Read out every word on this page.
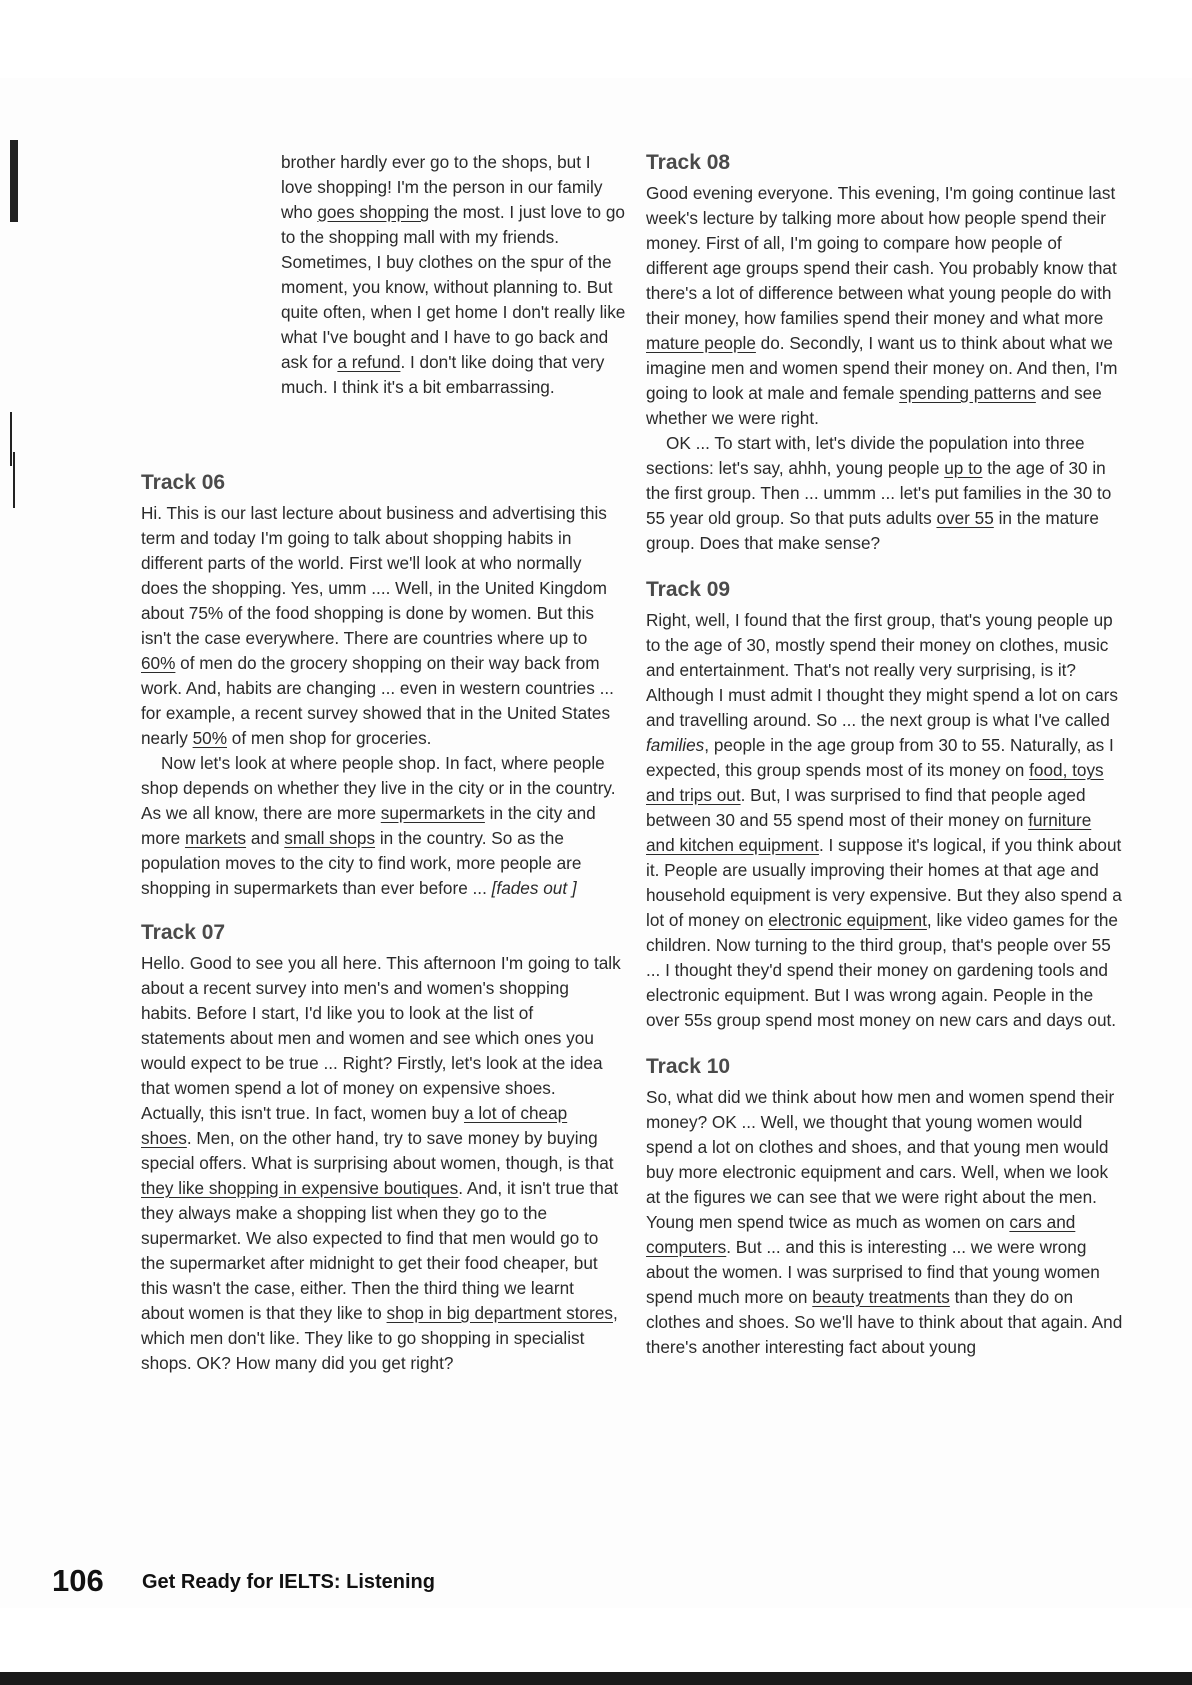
brother hardly ever go to the shops, but I love shopping! I'm the person in our family who goes shopping the most. I just love to go to the shopping mall with my friends. Sometimes, I buy clothes on the spur of the moment, you know, without planning to. But quite often, when I get home I don't really like what I've bought and I have to go back and ask for a refund. I don't like doing that very much. I think it's a bit embarrassing.

Track 06

Hi. This is our last lecture about business and advertising this term and today I'm going to talk about shopping habits in different parts of the world. First we'll look at who normally does the shopping. Yes, umm .... Well, in the United Kingdom about 75% of the food shopping is done by women. But this isn't the case everywhere. There are countries where up to 60% of men do the grocery shopping on their way back from work. And, habits are changing ... even in western countries ... for example, a recent survey showed that in the United States nearly 50% of men shop for groceries.

Now let's look at where people shop. In fact, where people shop depends on whether they live in the city or in the country. As we all know, there are more supermarkets in the city and more markets and small shops in the country. So as the population moves to the city to find work, more people are shopping in supermarkets than ever before ... [fades out ]

Track 07

Hello. Good to see you all here. This afternoon I'm going to talk about a recent survey into men's and women's shopping habits. Before I start, I'd like you to look at the list of statements about men and women and see which ones you would expect to be true ... Right? Firstly, let's look at the idea that women spend a lot of money on expensive shoes. Actually, this isn't true. In fact, women buy a lot of cheap shoes. Men, on the other hand, try to save money by buying special offers. What is surprising about women, though, is that they like shopping in expensive boutiques. And, it isn't true that they always make a shopping list when they go to the supermarket. We also expected to find that men would go to the supermarket after midnight to get their food cheaper, but this wasn't the case, either. Then the third thing we learnt about women is that they like to shop in big department stores, which men don't like. They like to go shopping in specialist shops. OK? How many did you get right?

Track 08

Good evening everyone. This evening, I'm going continue last week's lecture by talking more about how people spend their money. First of all, I'm going to compare how people of different age groups spend their cash. You probably know that there's a lot of difference between what young people do with their money, how families spend their money and what more mature people do. Secondly, I want us to think about what we imagine men and women spend their money on. And then, I'm going to look at male and female spending patterns and see whether we were right.

OK ... To start with, let's divide the population into three sections: let's say, ahhh, young people up to the age of 30 in the first group. Then ... ummm ... let's put families in the 30 to 55 year old group. So that puts adults over 55 in the mature group. Does that make sense?

Track 09

Right, well, I found that the first group, that's young people up to the age of 30, mostly spend their money on clothes, music and entertainment. That's not really very surprising, is it? Although I must admit I thought they might spend a lot on cars and travelling around. So ... the next group is what I've called families, people in the age group from 30 to 55. Naturally, as I expected, this group spends most of its money on food, toys and trips out. But, I was surprised to find that people aged between 30 and 55 spend most of their money on furniture and kitchen equipment. I suppose it's logical, if you think about it. People are usually improving their homes at that age and household equipment is very expensive. But they also spend a lot of money on electronic equipment, like video games for the children. Now turning to the third group, that's people over 55 ... I thought they'd spend their money on gardening tools and electronic equipment. But I was wrong again. People in the over 55s group spend most money on new cars and days out.

Track 10

So, what did we think about how men and women spend their money? OK ... Well, we thought that young women would spend a lot on clothes and shoes, and that young men would buy more electronic equipment and cars. Well, when we look at the figures we can see that we were right about the men. Young men spend twice as much as women on cars and computers. But ... and this is interesting ... we were wrong about the women. I was surprised to find that young women spend much more on beauty treatments than they do on clothes and shoes. So we'll have to think about that again. And there's another interesting fact about young

106 Get Ready for IELTS: Listening
